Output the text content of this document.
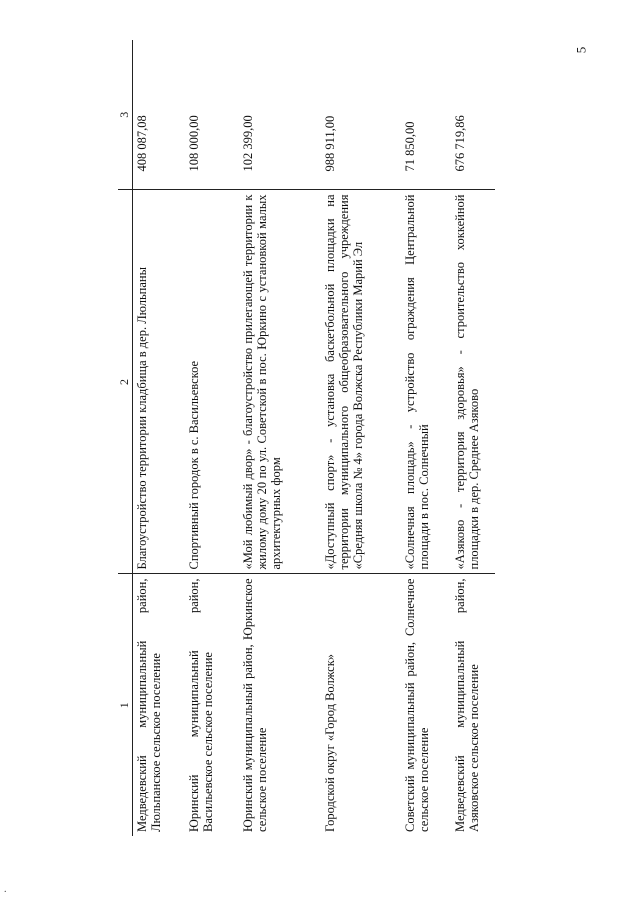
5
1	2	3
Медведевский муниципальный район, Люльпанское сельское поселение	Благоустройство территории кладбища в дер. Люльпаны	408 087,08
Юринский муниципальный район, Васильевское сельское поселение	Спортивный городок в с. Васильевское	108 000,00
Юринский муниципальный район, Юркинское сельское поселение	«Мой любимый двор» - благоустройство прилегающей территории к жилому дому 20 по ул. Советской в пос. Юркино с установкой малых архитектурных форм	102 399,00
Городской округ «Город Волжск»	«Доступный спорт» - установка баскетбольной площадки на территории муниципального общеобразовательного учреждения «Средняя школа № 4» города Волжска Республики Марий Эл	988 911,00
Советский муниципальный район, Солнечное сельское поселение	«Солнечная площадь» - устройство ограждения Центральной площади в пос. Солнечный	71 850,00
Медведевский муниципальный район, Азяковское сельское поселение	«Азяково - территория здоровья» - строительство хоккейной площадки в дер. Среднее Азяково	676 719,86
.
